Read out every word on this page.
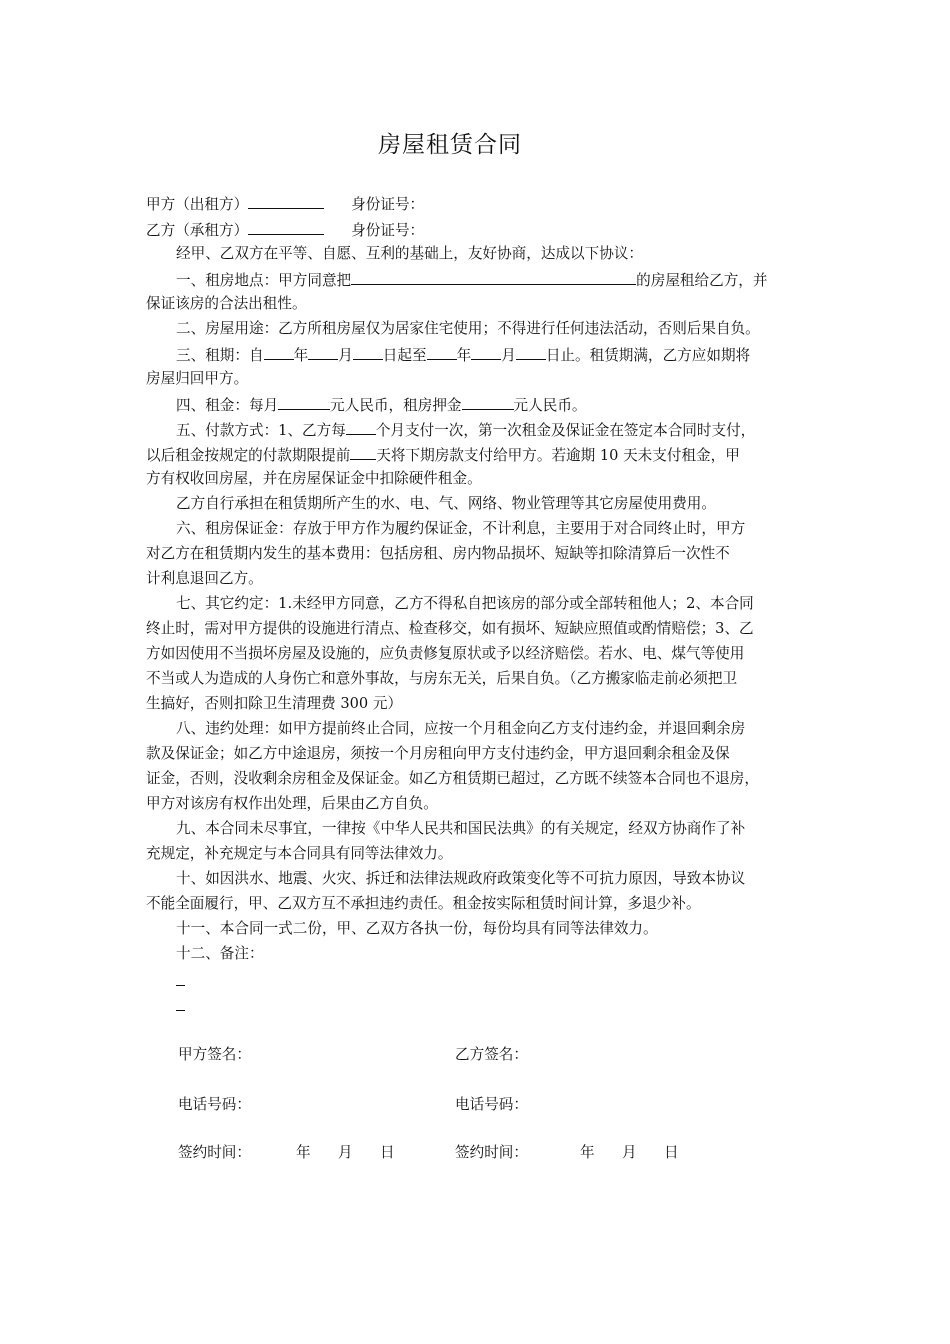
房屋租赁合同
甲方（出租方）	身份证号：
乙方（承租方）	身份证号：
经甲、乙双方在平等、自愿、互利的基础上，友好协商，达成以下协议：
一、租房地点：甲方同意把	的房屋租给乙方，并
保证该房的合法出租性。
二、房屋用途：乙方所租房屋仅为居家住宅使用；不得进行任何违法活动，否则后果自负。
三、租期：自 年 月 日起至 年 月 日止。租赁期满，乙方应如期将
房屋归回甲方。
四、租金：每月	元人民币，租房押金	元人民币。
五、付款方式：1、乙方每 个月支付一次，第一次租金及保证金在签定本合同时支付，
以后租金按规定的付款期限提前 天将下期房款支付给甲方。若逾期 10 天未支付租金，甲
方有权收回房屋，并在房屋保证金中扣除硬件租金。
乙方自行承担在租赁期所产生的水、电、气、网络、物业管理等其它房屋使用费用。
六、租房保证金：存放于甲方作为履约保证金，不计利息，主要用于对合同终止时，甲方
对乙方在租赁期内发生的基本费用：包括房租、房内物品损坏、短缺等扣除清算后一次性不
计利息退回乙方。
七、其它约定：1.未经甲方同意，乙方不得私自把该房的部分或全部转租他人；2、本合同
终止时，需对甲方提供的设施进行清点、检查移交，如有损坏、短缺应照值或酌情赔偿；3、乙
方如因使用不当损坏房屋及设施的，应负责修复原状或予以经济赔偿。若水、电、煤气等使用
不当或人为造成的人身伤亡和意外事故，与房东无关，后果自负。（乙方搬家临走前必须把卫
生搞好，否则扣除卫生清理费 300 元）
八、违约处理：如甲方提前终止合同，应按一个月租金向乙方支付违约金，并退回剩余房
款及保证金；如乙方中途退房，须按一个月房租向甲方支付违约金，甲方退回剩余租金及保
证金，否则，没收剩余房租金及保证金。如乙方租赁期已超过，乙方既不续签本合同也不退房，
甲方对该房有权作出处理，后果由乙方自负。
九、本合同未尽事宜，一律按《中华人民共和国民法典》的有关规定，经双方协商作了补
充规定，补充规定与本合同具有同等法律效力。
十、如因洪水、地震、火灾、拆迁和法律法规政府政策变化等不可抗力原因，导致本协议
不能全面履行，甲、乙双方互不承担违约责任。租金按实际租赁时间计算，多退少补。
十一、本合同一式二份，甲、乙双方各执一份，每份均具有同等法律效力。
十二、备注：
甲方签名：	乙方签名：
电话号码：	电话号码：
签约时间：	年 月 日	签约时间：	年 月 日
